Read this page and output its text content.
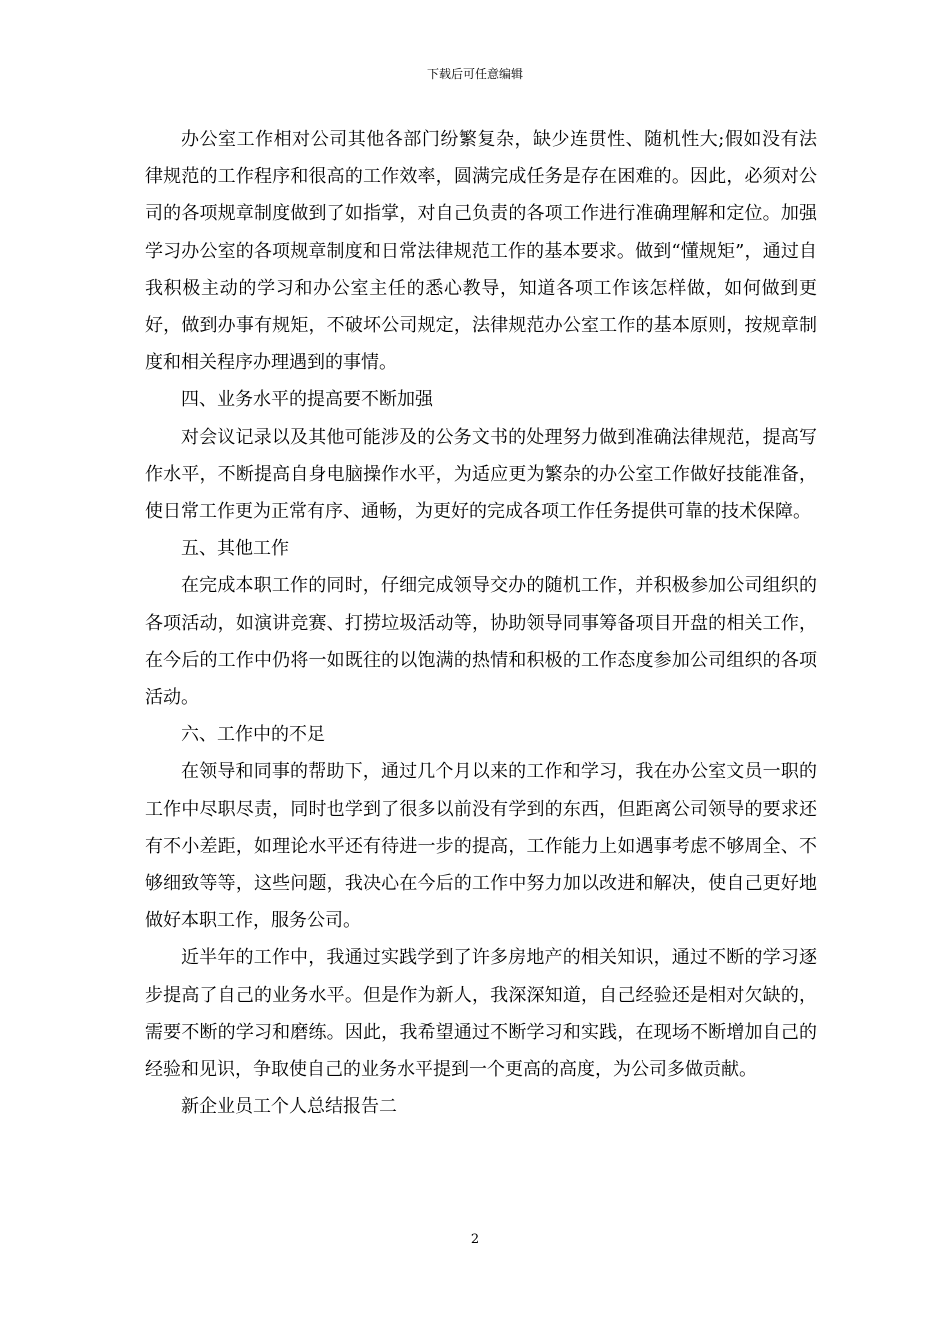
下载后可任意编辑

办公室工作相对公司其他各部门纷繁复杂，缺少连贯性、随机性大;假如没有法律规范的工作程序和很高的工作效率，圆满完成任务是存在困难的。因此，必须对公司的各项规章制度做到了如指掌，对自己负责的各项工作进行准确理解和定位。加强学习办公室的各项规章制度和日常法律规范工作的基本要求。做到“懂规矩”，通过自我积极主动的学习和办公室主任的悉心教导，知道各项工作该怎样做，如何做到更好，做到办事有规矩，不破坏公司规定，法律规范办公室工作的基本原则，按规章制度和相关程序办理遇到的事情。

四、业务水平的提高要不断加强

对会议记录以及其他可能涉及的公务文书的处理努力做到准确法律规范，提高写作水平，不断提高自身电脑操作水平，为适应更为繁杂的办公室工作做好技能准备，使日常工作更为正常有序、通畅，为更好的完成各项工作任务提供可靠的技术保障。

五、其他工作

在完成本职工作的同时，仔细完成领导交办的随机工作，并积极参加公司组织的各项活动，如演讲竞赛、打捞垃圾活动等，协助领导同事筹备项目开盘的相关工作，在今后的工作中仍将一如既往的以饱满的热情和积极的工作态度参加公司组织的各项活动。

六、工作中的不足

在领导和同事的帮助下，通过几个月以来的工作和学习，我在办公室文员一职的工作中尽职尽责，同时也学到了很多以前没有学到的东西，但距离公司领导的要求还有不小差距，如理论水平还有待进一步的提高，工作能力上如遇事考虑不够周全、不够细致等等，这些问题，我决心在今后的工作中努力加以改进和解决，使自己更好地做好本职工作，服务公司。

近半年的工作中，我通过实践学到了许多房地产的相关知识，通过不断的学习逐步提高了自己的业务水平。但是作为新人，我深深知道，自己经验还是相对欠缺的，需要不断的学习和磨练。因此，我希望通过不断学习和实践，在现场不断增加自己的经验和见识，争取使自己的业务水平提到一个更高的高度，为公司多做贡献。

新企业员工个人总结报告二

2
